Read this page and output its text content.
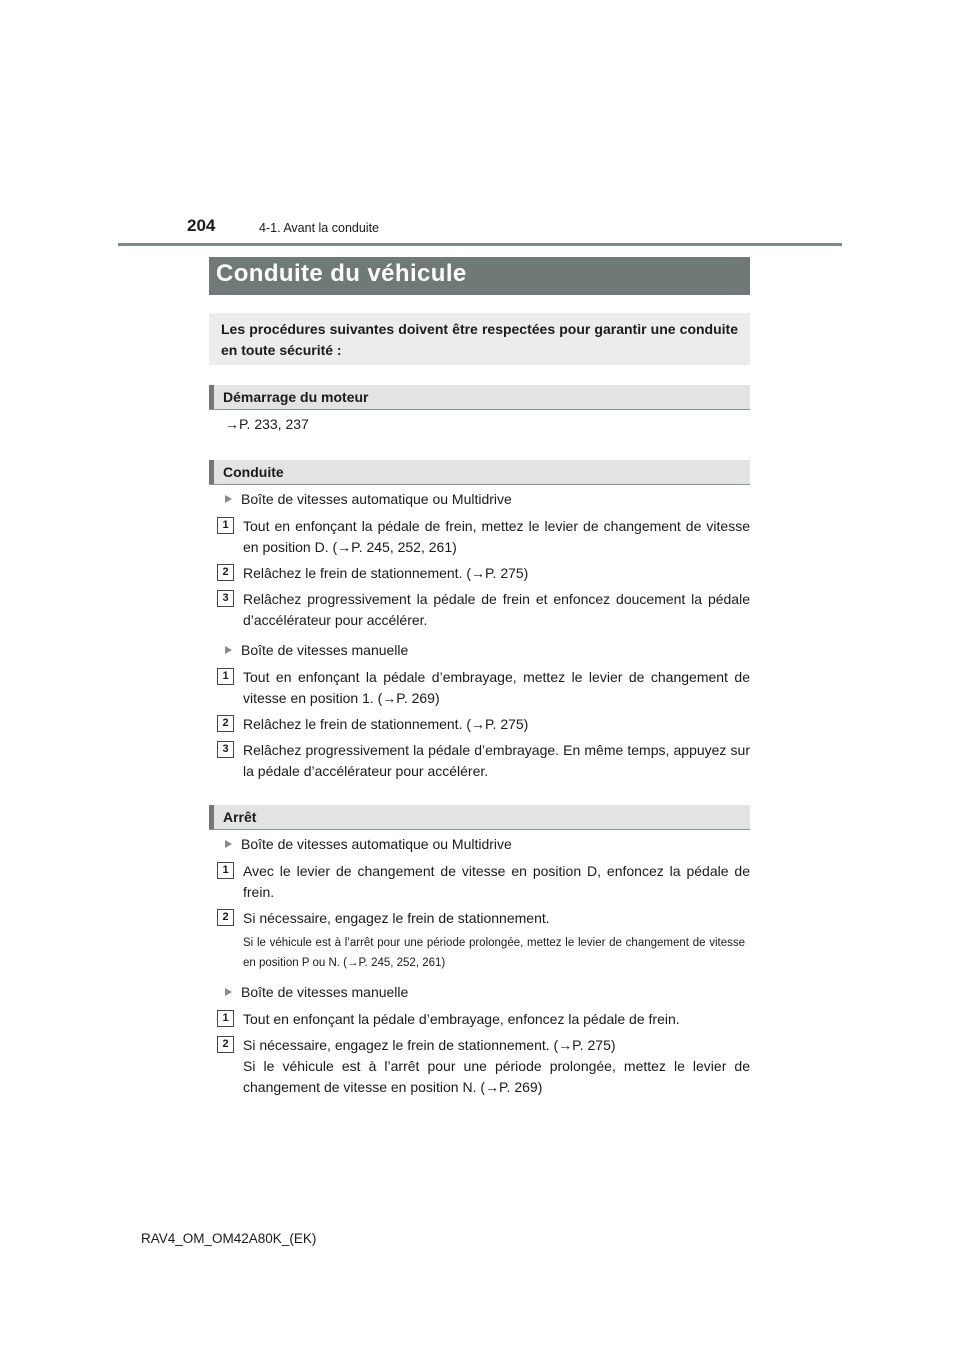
204	4-1. Avant la conduite
Conduite du véhicule
Les procédures suivantes doivent être respectées pour garantir une conduite en toute sécurité :
Démarrage du moteur
→P. 233, 237
Conduite
Boîte de vitesses automatique ou Multidrive
1	Tout en enfonçant la pédale de frein, mettez le levier de changement de vitesse en position D. (→P. 245, 252, 261)
2	Relâchez le frein de stationnement. (→P. 275)
3	Relâchez progressivement la pédale de frein et enfoncez doucement la pédale d’accélérateur pour accélérer.
Boîte de vitesses manuelle
1	Tout en enfonçant la pédale d’embrayage, mettez le levier de changement de vitesse en position 1. (→P. 269)
2	Relâchez le frein de stationnement. (→P. 275)
3	Relâchez progressivement la pédale d’embrayage. En même temps, appuyez sur la pédale d’accélérateur pour accélérer.
Arrêt
Boîte de vitesses automatique ou Multidrive
1	Avec le levier de changement de vitesse en position D, enfoncez la pédale de frein.
2	Si nécessaire, engagez le frein de stationnement.
Si le véhicule est à l’arrêt pour une période prolongée, mettez le levier de changement de vitesse en position P ou N. (→P. 245, 252, 261)
Boîte de vitesses manuelle
1	Tout en enfonçant la pédale d’embrayage, enfoncez la pédale de frein.
2	Si nécessaire, engagez le frein de stationnement. (→P. 275)
Si le véhicule est à l’arrêt pour une période prolongée, mettez le levier de changement de vitesse en position N. (→P. 269)
RAV4_OM_OM42A80K_(EK)
